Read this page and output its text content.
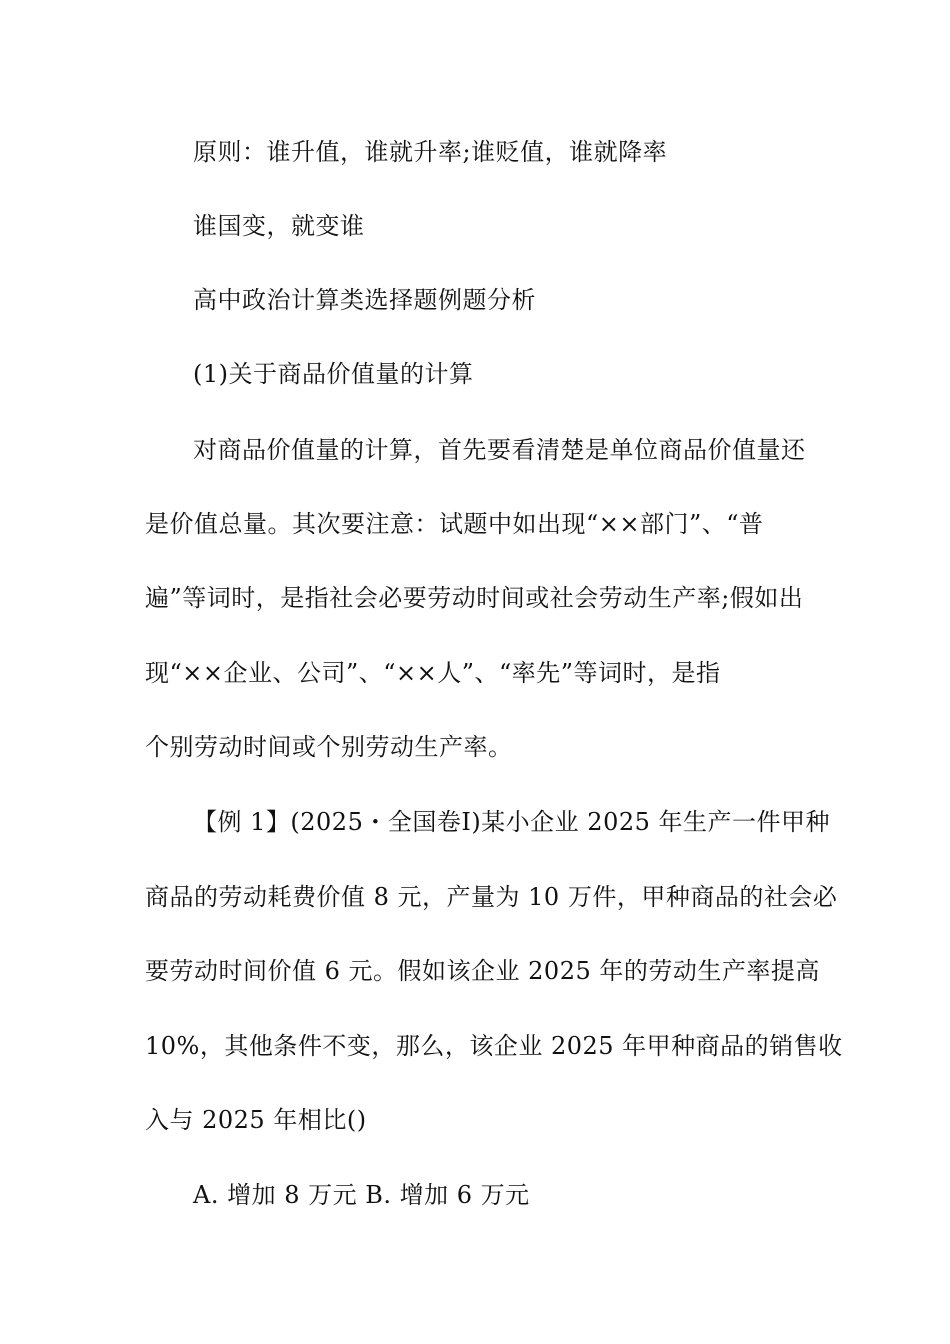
原则：谁升值，谁就升率;谁贬值，谁就降率
谁国变，就变谁
高中政治计算类选择题例题分析
(1)关于商品价值量的计算
对商品价值量的计算，首先要看清楚是单位商品价值量还
是价值总量。其次要注意：试题中如出现“××部门”、“普
遍”等词时，是指社会必要劳动时间或社会劳动生产率;假如出
现“××企业、公司”、“××人”、“率先”等词时，是指
个别劳动时间或个别劳动生产率。
【例 1】(2025・全国卷Ⅰ)某小企业 2025 年生产一件甲种
商品的劳动耗费价值 8 元，产量为 10 万件，甲种商品的社会必
要劳动时间价值 6 元。假如该企业 2025 年的劳动生产率提高
10%，其他条件不变，那么，该企业 2025 年甲种商品的销售收
入与 2025 年相比()
A. 增加 8 万元 B. 增加 6 万元
